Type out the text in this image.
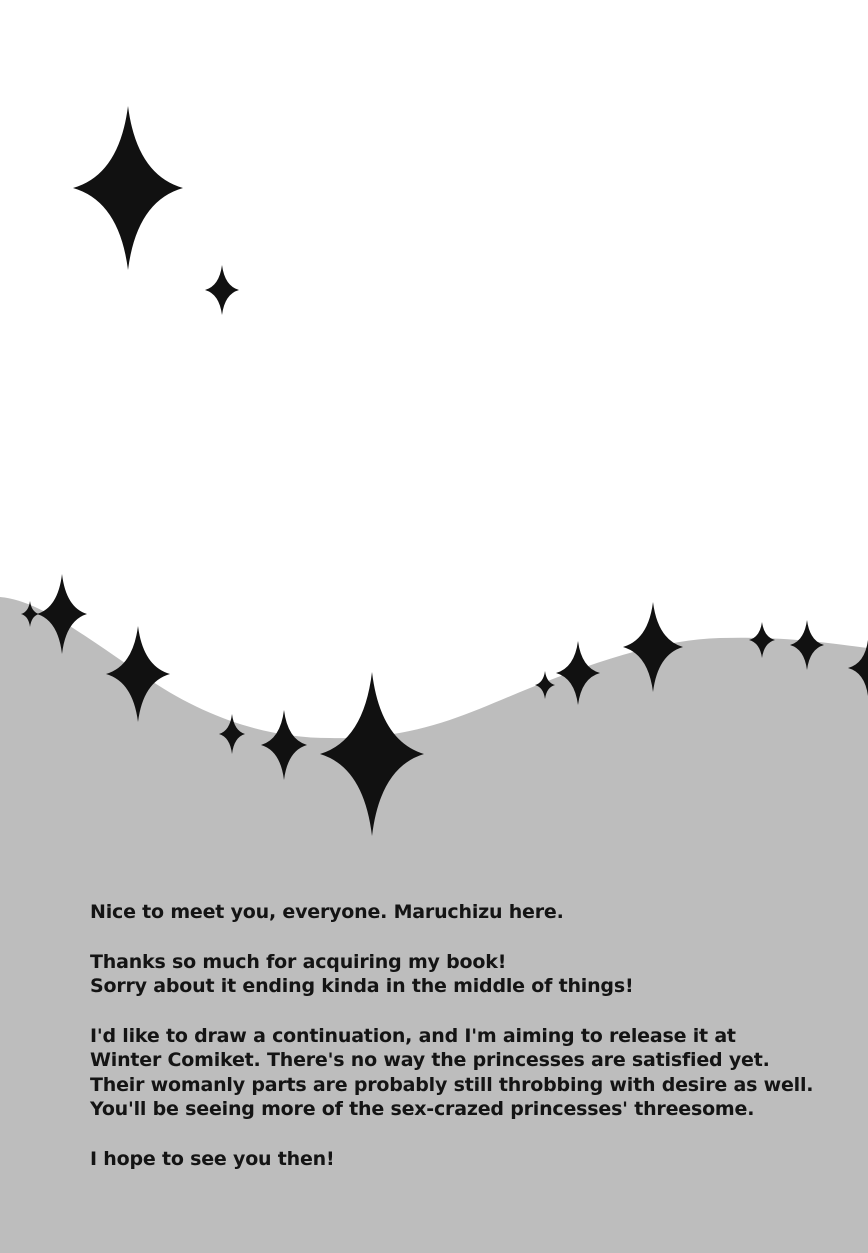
Nice to meet you, everyone. Maruchizu here.
Thanks so much for acquiring my book!
Sorry about it ending kinda in the middle of things!
I'd like to draw a continuation, and I'm aiming to release it at
Winter Comiket. There's no way the princesses are satisfied yet.
Their womanly parts are probably still throbbing with desire as well.
You'll be seeing more of the sex-crazed princesses' threesome.
I hope to see you then!
